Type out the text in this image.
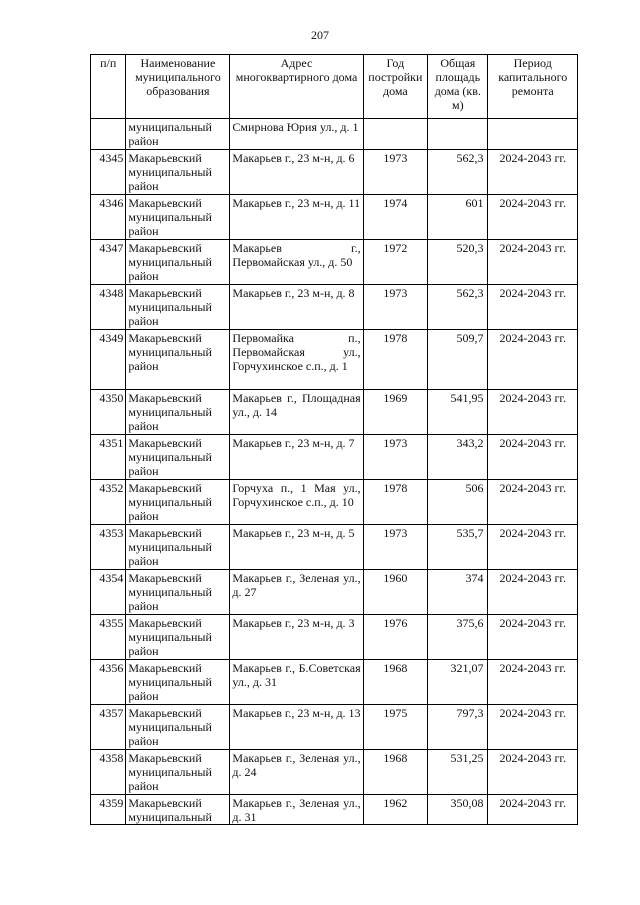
207
п/п	Наименование муниципального образования	Адрес многоквартирного дома	Год постройки дома	Общая площадь дома (кв. м)	Период капитального ремонта
	муниципальный район	Смирнова Юрия ул., д. 1			
4345	Макарьевский муниципальный район	Макарьев г., 23 м-н, д. 6	1973	562,3	2024-2043 гг.
4346	Макарьевский муниципальный район	Макарьев г., 23 м-н, д. 11	1974	601	2024-2043 гг.
4347	Макарьевский муниципальный район	Макарьев г., Первомайская ул., д. 50	1972	520,3	2024-2043 гг.
4348	Макарьевский муниципальный район	Макарьев г., 23 м-н, д. 8	1973	562,3	2024-2043 гг.
4349	Макарьевский муниципальный район	Первомайка п., Первомайская ул., Горчухинское с.п., д. 1	1978	509,7	2024-2043 гг.
4350	Макарьевский муниципальный район	Макарьев г., Площадная ул., д. 14	1969	541,95	2024-2043 гг.
4351	Макарьевский муниципальный район	Макарьев г., 23 м-н, д. 7	1973	343,2	2024-2043 гг.
4352	Макарьевский муниципальный район	Горчуха п., 1 Мая ул., Горчухинское с.п., д. 10	1978	506	2024-2043 гг.
4353	Макарьевский муниципальный район	Макарьев г., 23 м-н, д. 5	1973	535,7	2024-2043 гг.
4354	Макарьевский муниципальный район	Макарьев г., Зеленая ул., д. 27	1960	374	2024-2043 гг.
4355	Макарьевский муниципальный район	Макарьев г., 23 м-н, д. 3	1976	375,6	2024-2043 гг.
4356	Макарьевский муниципальный район	Макарьев г., Б.Советская ул., д. 31	1968	321,07	2024-2043 гг.
4357	Макарьевский муниципальный район	Макарьев г., 23 м-н, д. 13	1975	797,3	2024-2043 гг.
4358	Макарьевский муниципальный район	Макарьев г., Зеленая ул., д. 24	1968	531,25	2024-2043 гг.
4359	Макарьевский муниципальный	Макарьев г., Зеленая ул., д. 31	1962	350,08	2024-2043 гг.
